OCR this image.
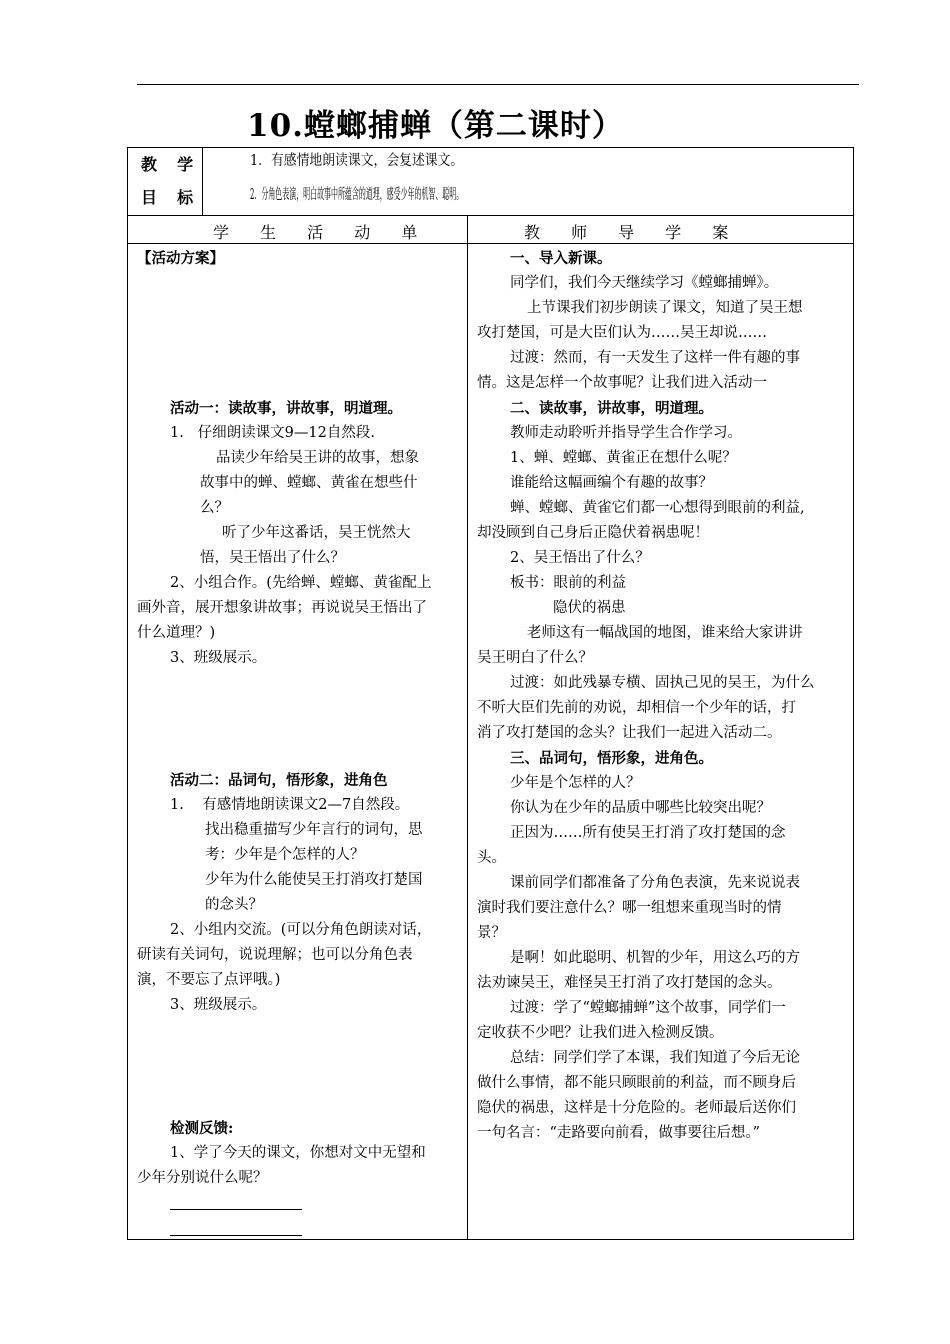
10.螳螂捕蝉（第二课时）
教  学
目  标
1．有感情地朗读课文，会复述课文。
2．分角色表演，明白故事中所蕴含的道理，感受少年的机智、聪明。
学 生 活 动 单	教 师 导 学 案
【活动方案】
活动一：读故事，讲故事，明道理。
1.   仔细朗读课文9—12自然段.
品读少年给吴王讲的故事，想象
故事中的蝉、螳螂、黄雀在想些什
么？
听了少年这番话，吴王恍然大
悟，吴王悟出了什么？
2、小组合作。(先给蝉、螳螂、黄雀配上
画外音，展开想象讲故事；再说说吴王悟出了
什么道理？)
3、班级展示。
活动二：品词句，悟形象，进角色
1.    有感情地朗读课文2—7自然段。
找出稳重描写少年言行的词句，思
考：少年是个怎样的人？
少年为什么能使吴王打消攻打楚国
的念头？
2、小组内交流。(可以分角色朗读对话，
研读有关词句，说说理解；也可以分角色表
演，不要忘了点评哦。)
3、班级展示。
检测反馈:
1、学了今天的课文，你想对文中无望和
少年分别说什么呢？
一、导入新课。
同学们，我们今天继续学习《螳螂捕蝉》。
上节课我们初步朗读了课文，知道了吴王想
攻打楚国，可是大臣们认为……吴王却说……
过渡：然而，有一天发生了这样一件有趣的事
情。这是怎样一个故事呢？让我们进入活动一
二、读故事，讲故事，明道理。
教师走动聆听并指导学生合作学习。
1、蝉、螳螂、黄雀正在想什么呢？
谁能给这幅画编个有趣的故事？
蝉、螳螂、黄雀它们都一心想得到眼前的利益,
却没顾到自己身后正隐伏着祸患呢！
2、吴王悟出了什么？
板书：眼前的利益
隐伏的祸患
老师这有一幅战国的地图，谁来给大家讲讲
吴王明白了什么？
过渡：如此残暴专横、固执己见的吴王，为什么
不听大臣们先前的劝说，却相信一个少年的话，打
消了攻打楚国的念头？让我们一起进入活动二。
三、品词句，悟形象，进角色。
少年是个怎样的人？
你认为在少年的品质中哪些比较突出呢？
正因为……所有使吴王打消了攻打楚国的念
头。
课前同学们都准备了分角色表演，先来说说表
演时我们要注意什么？哪一组想来重现当时的情
景？
是啊！如此聪明、机智的少年，用这么巧的方
法劝谏吴王，难怪吴王打消了攻打楚国的念头。
过渡：学了“螳螂捕蝉”这个故事，同学们一
定收获不少吧？让我们进入检测反馈。
总结：同学们学了本课，我们知道了今后无论
做什么事情，都不能只顾眼前的利益，而不顾身后
隐伏的祸患，这样是十分危险的。老师最后送你们
一句名言：“走路要向前看，做事要往后想。”
